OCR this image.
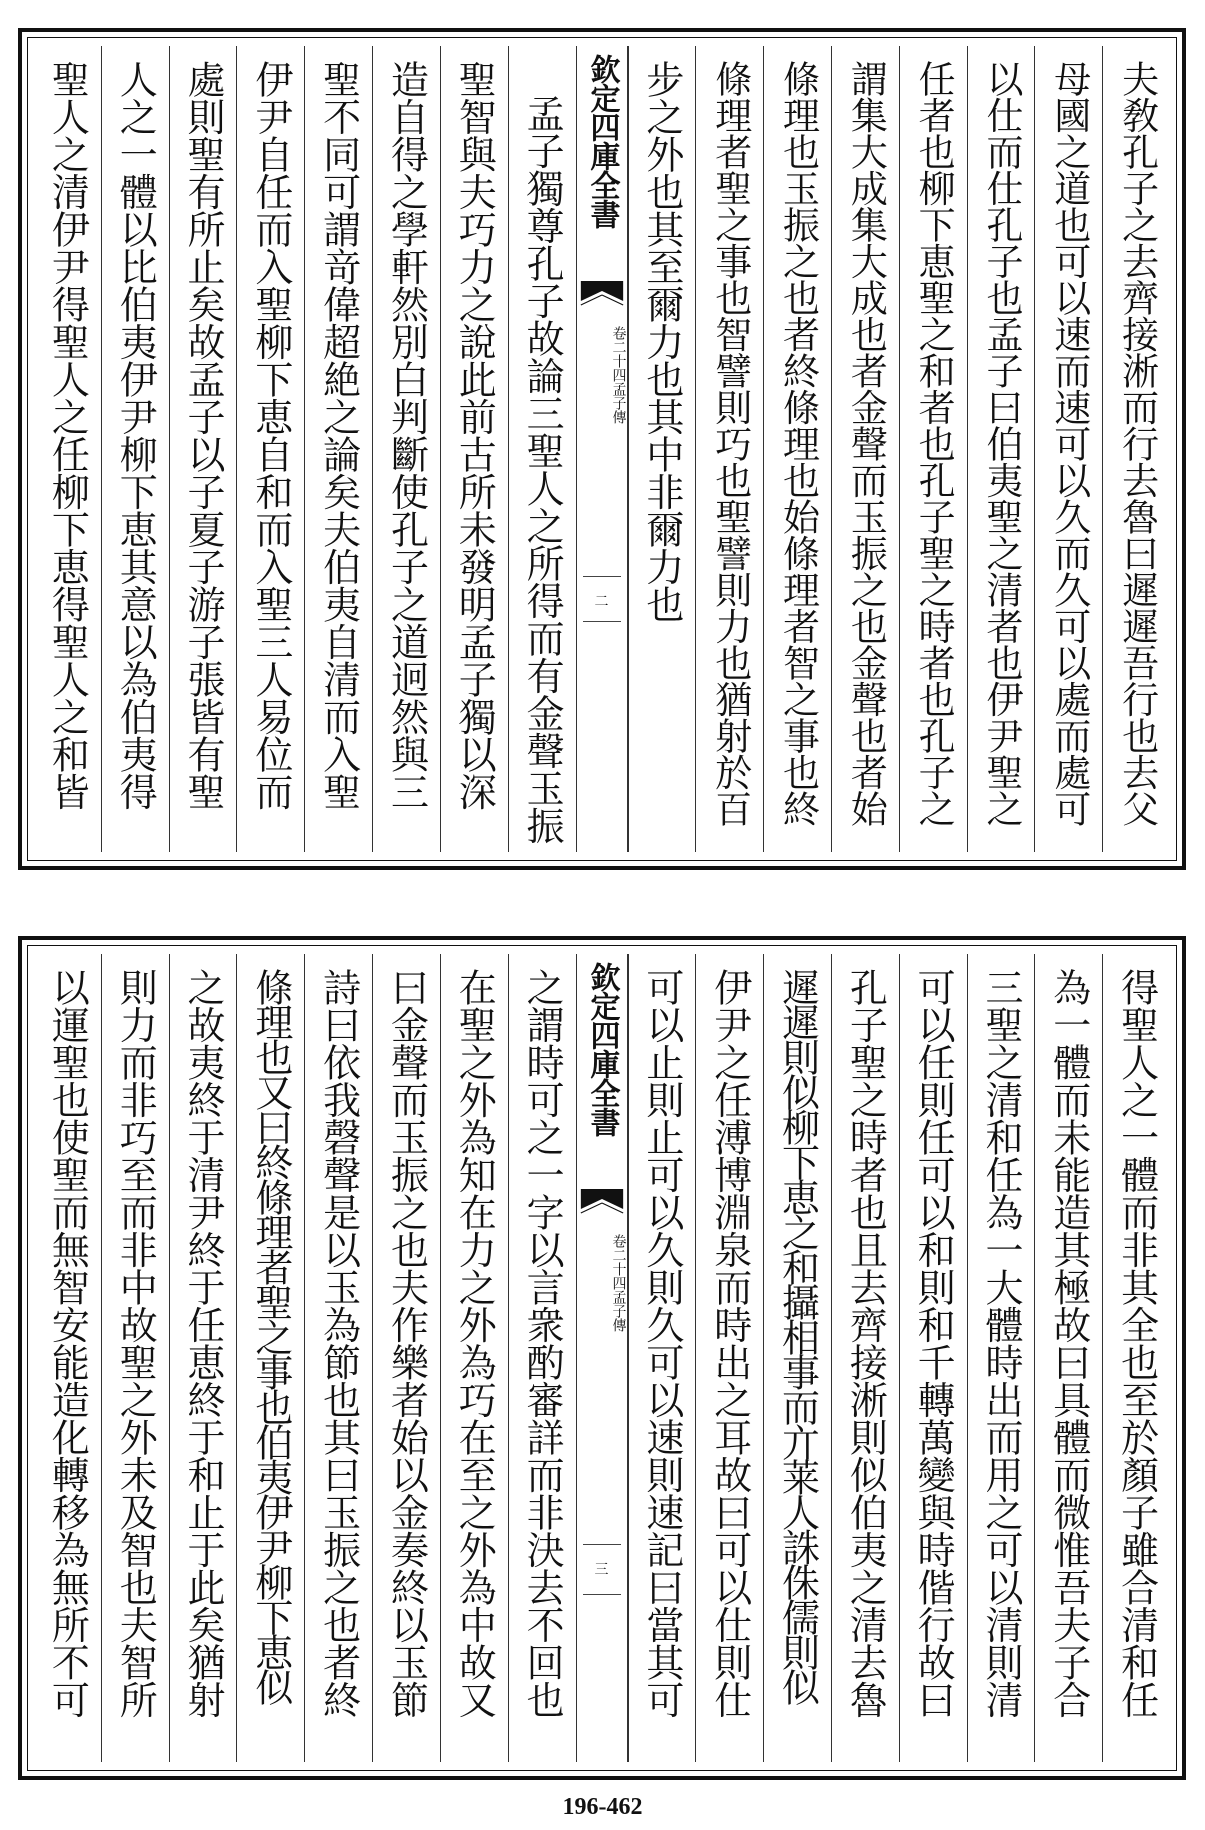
夫敎孔子之去齊接淅而行去魯曰遲遲吾行也去父
母國之道也可以速而速可以久而久可以處而處可
以仕而仕孔子也孟子曰伯夷聖之清者也伊尹聖之
任者也柳下恵聖之和者也孔子聖之時者也孔子之
謂集大成集大成也者金聲而玉振之也金聲也者始
條理也玉振之也者終條理也始條理者智之事也終
條理者聖之事也智譬則巧也聖譬則力也猶射於百
步之外也其至爾力也其中非爾力也
欽定四庫全書
孟子傳
卷二十四
二
孟子獨尊孔子故論三聖人之所得而有金聲玉振
聖智與夫巧力之說此前古所未發明孟子獨以深
造自得之學軒然別白判斷使孔子之道迥然與三
聖不同可謂竒偉超絶之論矣夫伯夷自清而入聖
伊尹自任而入聖柳下恵自和而入聖三人易位而
處則聖有所止矣故孟子以子夏子游子張皆有聖
人之一體以比伯夷伊尹柳下恵其意以為伯夷得
聖人之清伊尹得聖人之任柳下恵得聖人之和皆
得聖人之一體而非其全也至於顏子雖合清和任
為一體而未能造其極故曰具體而微惟吾夫子合
三聖之清和任為一大體時出而用之可以清則清
可以任則任可以和則和千轉萬變與時偕行故曰
孔子聖之時者也且去齊接淅則似伯夷之清去魯
遲遲則似柳下恵之和攝相事而亣莱人誅侏儒則似
伊尹之任溥博淵泉而時出之耳故曰可以仕則仕
可以止則止可以久則久可以速則速記曰當其可
欽定四庫全書
孟子傳
卷二十四
三
之謂時可之一字以言衆酌審詳而非決去不回也
在聖之外為知在力之外為巧在至之外為中故又
曰金聲而玉振之也夫作樂者始以金奏終以玉節
詩曰依我磬聲是以玉為節也其曰玉振之也者終
條理也又曰終條理者聖之事也伯夷伊尹柳下恵似
之故夷終于清尹終于任恵終于和止于此矣猶射
則力而非巧至而非中故聖之外未及智也夫智所
以運聖也使聖而無智安能造化轉移為無所不可
196-462
